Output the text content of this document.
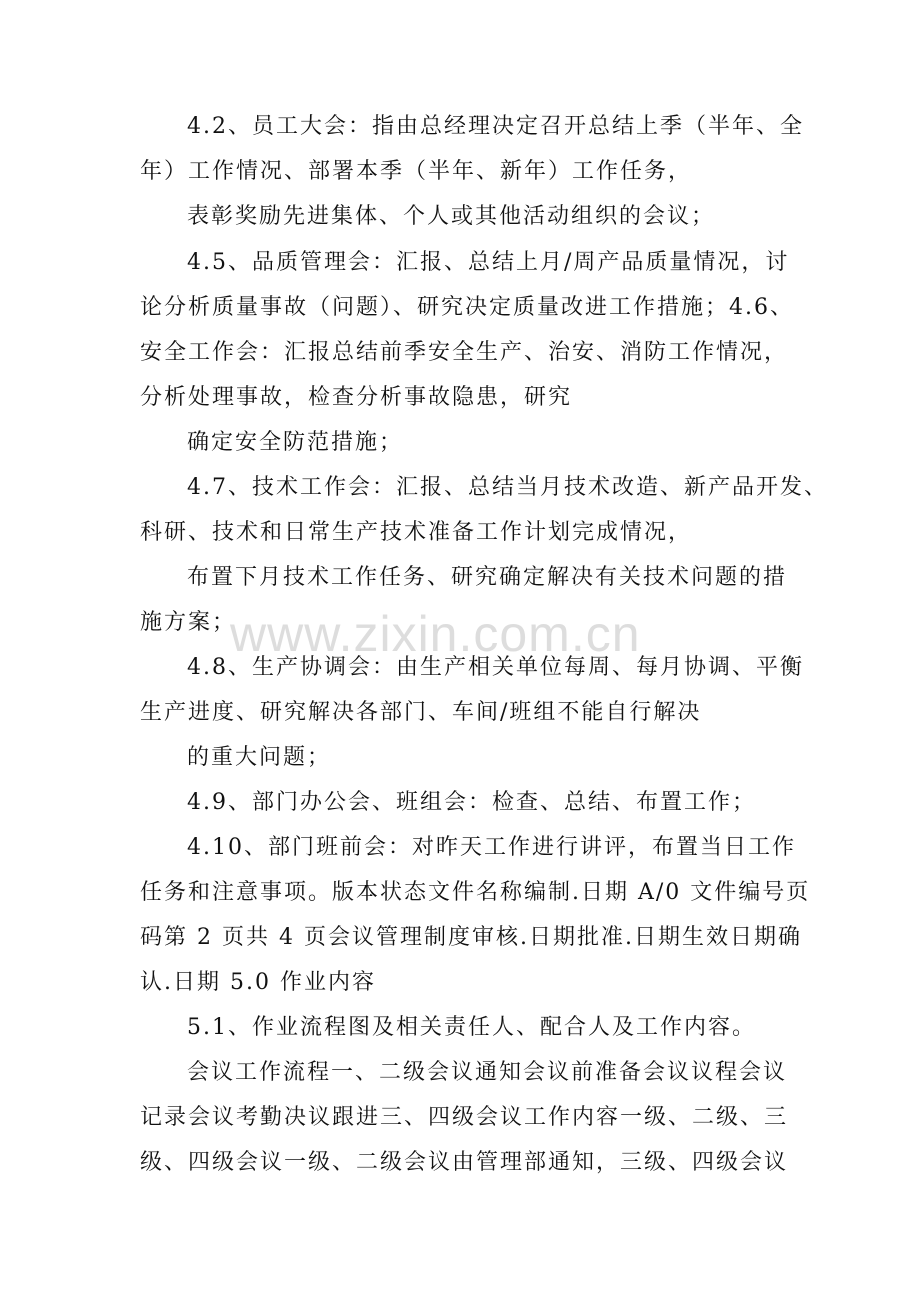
4.2、员工大会：指由总经理决定召开总结上季（半年、全
年）工作情况、部署本季（半年、新年）工作任务，
表彰奖励先进集体、个人或其他活动组织的会议；
4.5、品质管理会：汇报、总结上月/周产品质量情况，讨
论分析质量事故（问题）、研究决定质量改进工作措施；4.6、
安全工作会：汇报总结前季安全生产、治安、消防工作情况，
分析处理事故，检查分析事故隐患，研究
确定安全防范措施；
4.7、技术工作会：汇报、总结当月技术改造、新产品开发、
科研、技术和日常生产技术准备工作计划完成情况，
布置下月技术工作任务、研究确定解决有关技术问题的措
施方案；
4.8、生产协调会：由生产相关单位每周、每月协调、平衡
生产进度、研究解决各部门、车间/班组不能自行解决
的重大问题；
4.9、部门办公会、班组会：检查、总结、布置工作；
4.10、部门班前会：对昨天工作进行讲评，布置当日工作
任务和注意事项。版本状态文件名称编制.日期 A/0 文件编号页
码第 2 页共 4 页会议管理制度审核.日期批准.日期生效日期确
认.日期 5.0 作业内容
5.1、作业流程图及相关责任人、配合人及工作内容。
会议工作流程一、二级会议通知会议前准备会议议程会议
记录会议考勤决议跟进三、四级会议工作内容一级、二级、三
级、四级会议一级、二级会议由管理部通知，三级、四级会议
www.zixin.com.cn
